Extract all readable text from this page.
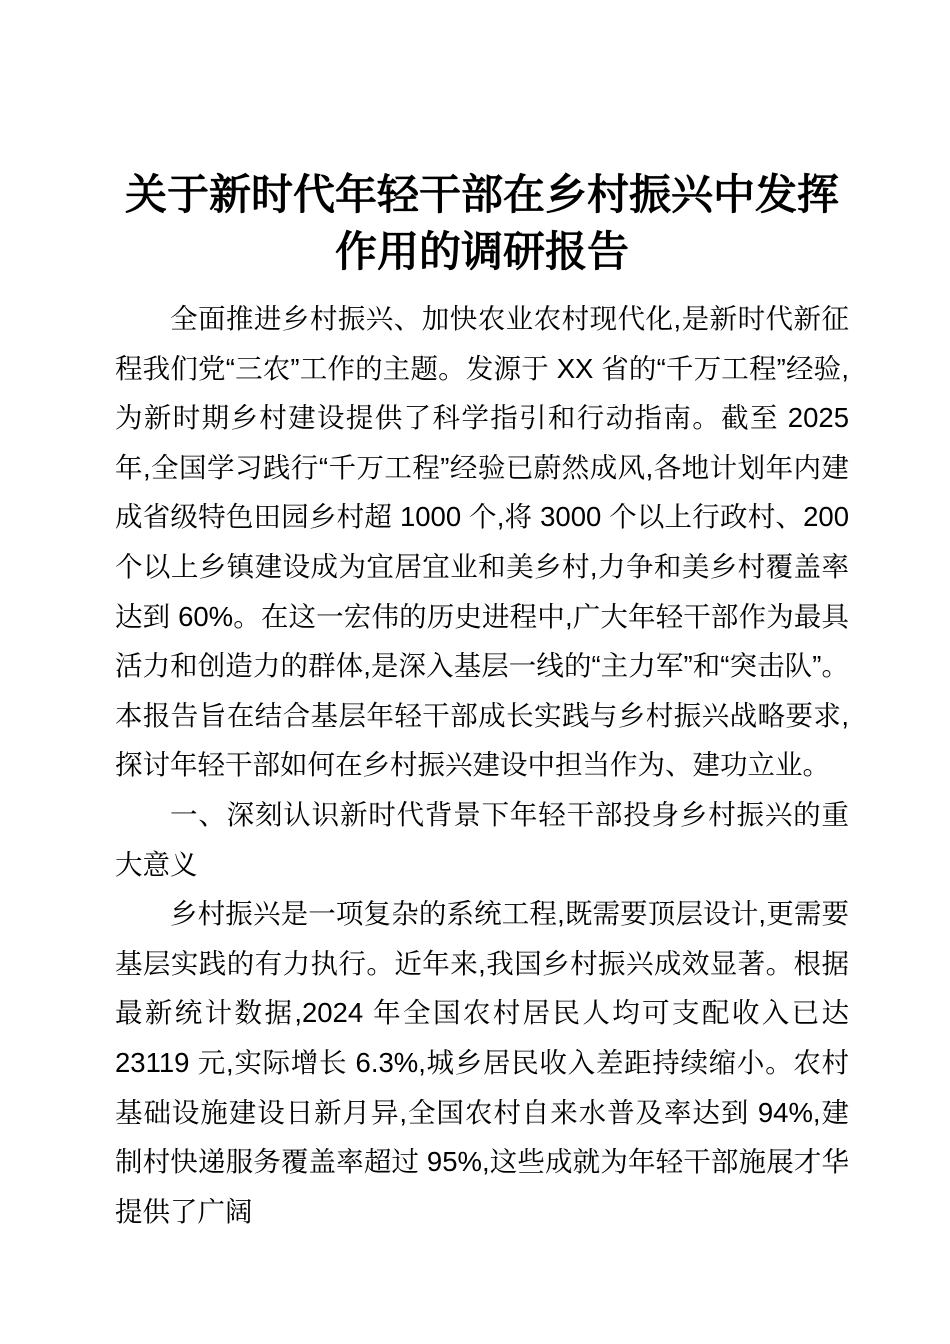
关于新时代年轻干部在乡村振兴中发挥作用的调研报告

全面推进乡村振兴、加快农业农村现代化,是新时代新征程我们党“三农”工作的主题。发源于 XX 省的“千万工程”经验,为新时期乡村建设提供了科学指引和行动指南。截至 2025 年,全国学习践行“千万工程”经验已蔚然成风,各地计划年内建成省级特色田园乡村超 1000 个,将 3000 个以上行政村、200 个以上乡镇建设成为宜居宜业和美乡村,力争和美乡村覆盖率达到 60%。在这一宏伟的历史进程中,广大年轻干部作为最具活力和创造力的群体,是深入基层一线的“主力军”和“突击队”。本报告旨在结合基层年轻干部成长实践与乡村振兴战略要求,探讨年轻干部如何在乡村振兴建设中担当作为、建功立业。

一、深刻认识新时代背景下年轻干部投身乡村振兴的重大意义

乡村振兴是一项复杂的系统工程,既需要顶层设计,更需要基层实践的有力执行。近年来,我国乡村振兴成效显著。根据最新统计数据,2024 年全国农村居民人均可支配收入已达 23119 元,实际增长 6.3%,城乡居民收入差距持续缩小。农村基础设施建设日新月异,全国农村自来水普及率达到 94%,建制村快递服务覆盖率超过 95%,这些成就为年轻干部施展才华提供了广阔
